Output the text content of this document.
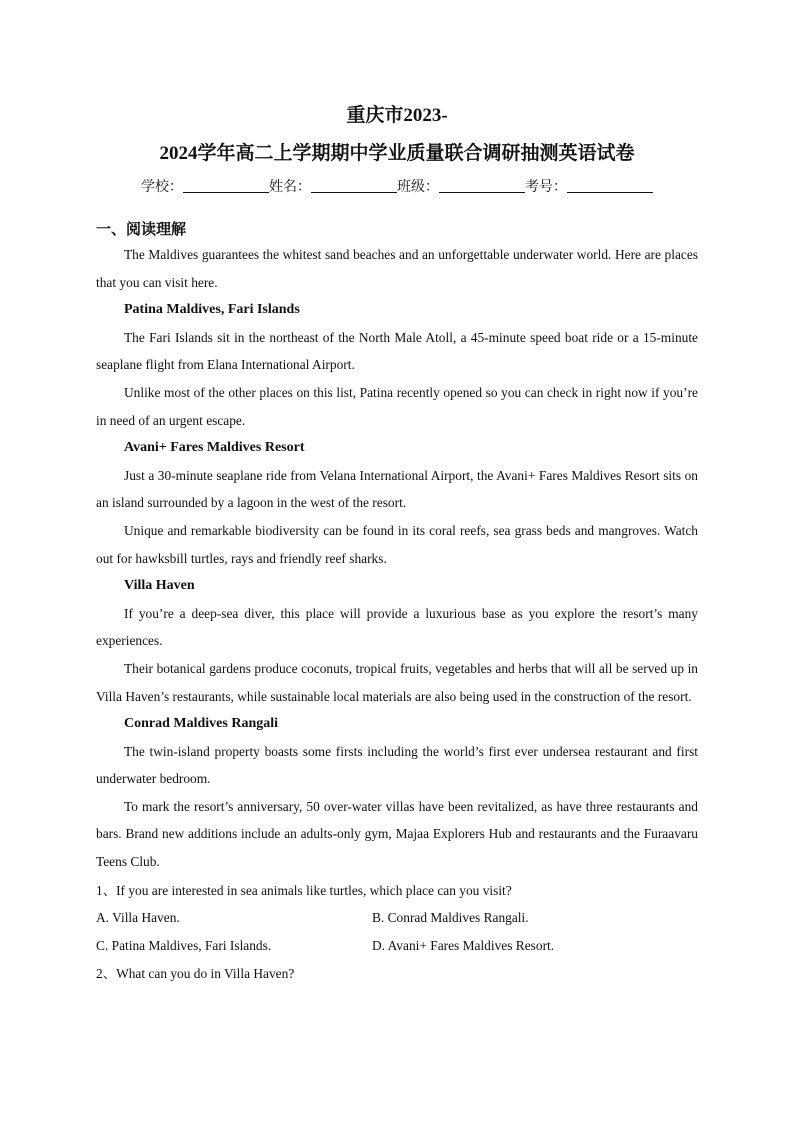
重庆市2023-
2024学年高二上学期期中学业质量联合调研抽测英语试卷
学校：	姓名：	班级：	考号：
一、阅读理解

The Maldives guarantees the whitest sand beaches and an unforgettable underwater world. Here are places that you can visit here.

Patina Maldives, Fari Islands

The Fari Islands sit in the northeast of the North Male Atoll, a 45-minute speed boat ride or a 15-minute seaplane flight from Elana International Airport.

Unlike most of the other places on this list, Patina recently opened so you can check in right now if you’re in need of an urgent escape.

Avani+ Fares Maldives Resort

Just a 30-minute seaplane ride from Velana International Airport, the Avani+ Fares Maldives Resort sits on an island surrounded by a lagoon in the west of the resort.

Unique and remarkable biodiversity can be found in its coral reefs, sea grass beds and mangroves. Watch out for hawksbill turtles, rays and friendly reef sharks.

Villa Haven

If you’re a deep-sea diver, this place will provide a luxurious base as you explore the resort’s many experiences.

Their botanical gardens produce coconuts, tropical fruits, vegetables and herbs that will all be served up in Villa Haven’s restaurants, while sustainable local materials are also being used in the construction of the resort.

Conrad Maldives Rangali

The twin-island property boasts some firsts including the world’s first ever undersea restaurant and first underwater bedroom.

To mark the resort’s anniversary, 50 over-water villas have been revitalized, as have three restaurants and bars. Brand new additions include an adults-only gym, Majaa Explorers Hub and restaurants and the Furaavaru Teens Club.

1、If you are interested in sea animals like turtles, which place can you visit?
A. Villa Haven.	B. Conrad Maldives Rangali.
C. Patina Maldives, Fari Islands.	D. Avani+ Fares Maldives Resort.
2、What can you do in Villa Haven?
